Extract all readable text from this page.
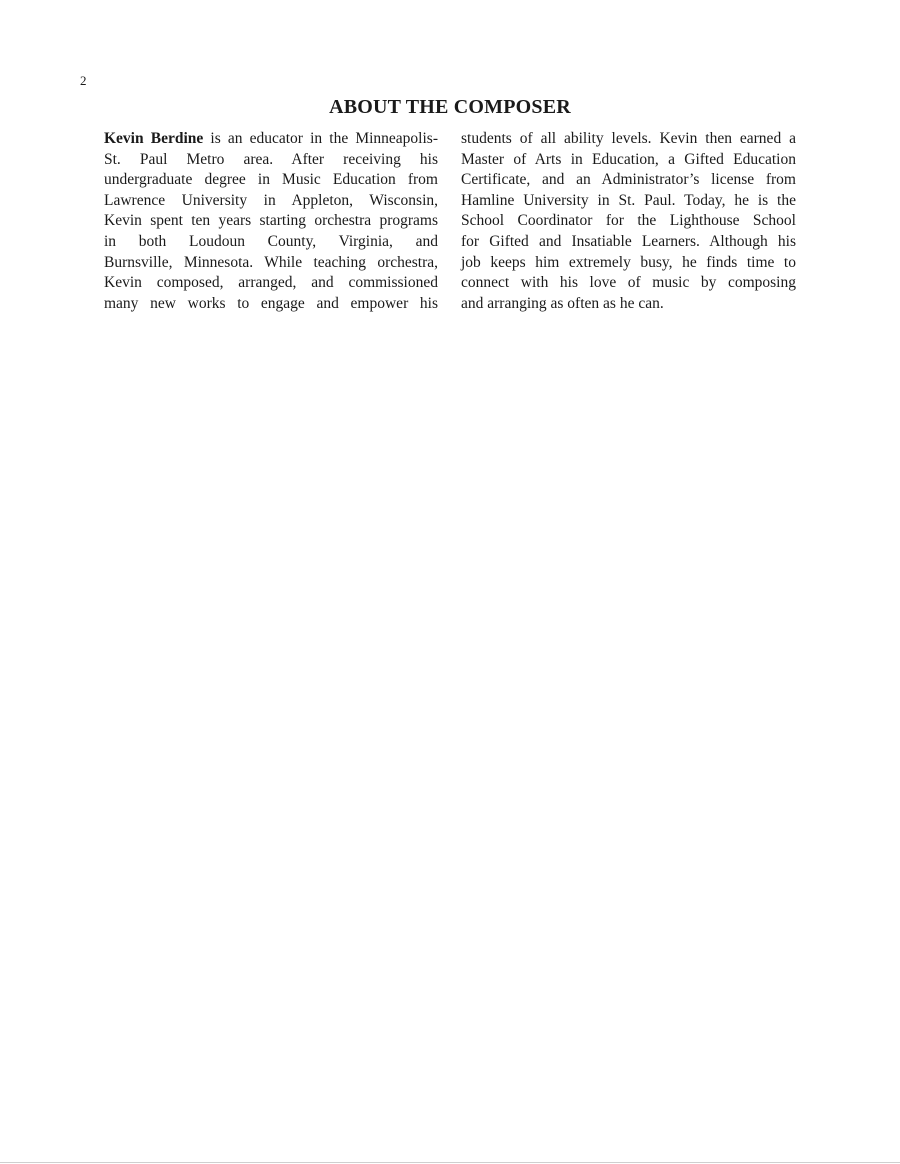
2
ABOUT THE COMPOSER
Kevin Berdine is an educator in the Minneapolis-
St. Paul Metro area. After receiving his
undergraduate degree in Music Education from
Lawrence University in Appleton, Wisconsin,
Kevin spent ten years starting orchestra programs
in both Loudoun County, Virginia, and
Burnsville, Minnesota. While teaching orchestra,
Kevin composed, arranged, and commissioned
many new works to engage and empower his
students of all ability levels. Kevin then earned a
Master of Arts in Education, a Gifted Education
Certificate, and an Administrator’s license from
Hamline University in St. Paul. Today, he is the
School Coordinator for the Lighthouse School
for Gifted and Insatiable Learners. Although his
job keeps him extremely busy, he finds time to
connect with his love of music by composing
and arranging as often as he can.
